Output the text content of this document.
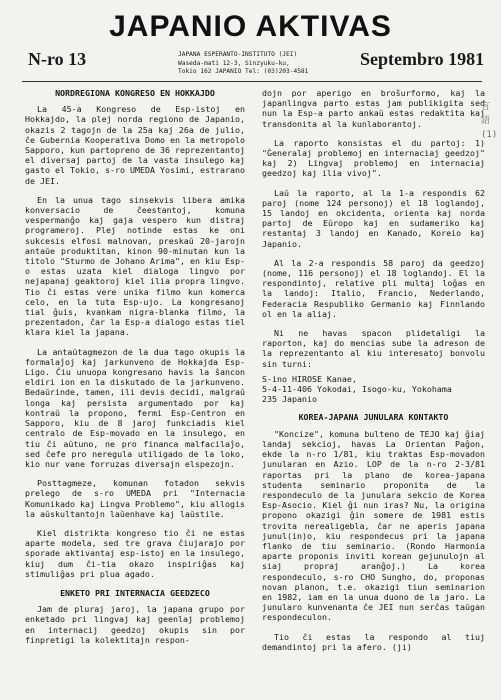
JAPANIO AKTIVAS
N-ro 13	JAPANA ESPERANTO-INSTITUTO (JEI)
Waseda-mati 12-3, Sinzyuku-ku,
Tokio 162 JAPANIO Tel: (03)203-4581
Septembro 1981
NORDREGIONA KONGRESO EN HOKKAJDO

La 45-a Kongreso de Esp-istoj en Hokkajdo, la plej norda regiono de Japanio, okazis 2 tagojn de la 25a kaj 26a de julio, ĉe Gubernia Kooperativa Domo en la metropolo Sapporo, kun partopreno de 36 reprezentantoj el diversaj partoj de la vasta insulego kaj gasto el Tokio, s-ro UMEDA Yosimi, estrarano de JEI.

En la unua tago sinsekvis libera amika konversacio de ĉeestantoj, komuna vespermanĝo kaj gaja vespero kun distraj programeroj. Plej notinde estas ke oni sukcesis elfosi malnovan, preskaŭ 20-jarojn antaŭe produktitan, kinon 90-minutan kun la titolo "Sturmo de Johano Arima", en kiu Esp-o estas uzata kiel dialoga lingvo por nejapanaj geaktoroj kiel ilia propra lingvo. Tio ĉi estas vere unika filmo kun komerca celo, en la tuta Esp-ujo. La kongresanoj tial ĝuis, kvankam nigra-blanka filmo, la prezentadon, ĉar la Esp-a dialogo estas tiel klara kiel la japana.

La antaŭtagmezon de la dua tago okupis la formalaĵoj kaj jarkunveno de Hokkajda Esp-Ligo. Ĉiu unuopa kongresano havis la ŝancon eldiri ion en la diskutado de la jarkunveno. Bedaŭrinde, tamen, ili devis decidi, malgraŭ longa kaj persista argumentado por kaj kontraŭ la propono, fermi Esp-Centron en Sapporo, kiu de 8 jaroj funkciadis kiel centralo de Esp-movado en la insulego, en tiu ĉi aŭtuno, ne pro financa malfacilaĵo, sed ĉefe pro neregula utiligado de la loko, kio nur vane forruzas diversajn elspezojn.

Posttagmeze, komunan fotadon sekvis prelego de s-ro UMEDA pri "Internacia Komunikado kaj Lingva Problemo", kiu allogis la aŭskultantojn laŭenhave kaj laŭstile.

Kiel distrikta kongreso tio ĉi ne estas aparte modela, sed tre grava ĉiujarajo por sporade aktivantaj esp-istoj en la insulego, kiuj dum ĉi-tia okazo inspiriĝas kaj stimuliĝas pri plua agado.

ENKETO PRI INTERNACIA GEEDZECO

Jam de pluraj jaroj, la japana grupo por enketado pri lingvaj kaj geenlaj problemoj en internacij geedzoj okupis sin por finpretigi la kolektitajn respon-

dojn por aperigo en broŝurformo, kaj la japanlingva parto estas jam publikigita sed nun la Esp-a parto ankaŭ estas redaktita kaj transdonita al la kunlaborantoj.

La raporto konsistas el du partoj: 1) "Ĝeneralaj problemoj en internaciaj geedzoj" kaj 2) Lingvaj problemoj en internaciaj geedzoj kaj ilia vivoj".

Laŭ la raporto, al la 1-a respondis 62 paroj (nome 124 personoj) el 18 loglandoj, 15 landoj en okcidenta, orienta kaj norda partoj de Eŭropo kaj en sudameriko kaj restantaj 3 landoj en Kanado, Koreio kaj Japanio.

Al la 2-a respondis 58 paroj da geedzoj (nome, 116 personoj) el 18 loglandoj. El la respondintoj, relative pli multaj loĝas en la landoj: Italio, Francio, Nederlando, Federacia Respubliko Germanio kaj Finnlando ol en la aliaj.

Ni ne havas spacon plidetaligi la raporton, kaj do mencias sube la adreson de la reprezentanto al kiu interesatoj bonvolu sin turni:

S-ino HIROSE Kanae,
5-4-11-406 Yokodai, Isogo-ku, Yokohama
235 Japanio
KOREA-JAPANA JUNULARA KONTAKTO

"Koncize", komuna bulteno de TEJO kaj ĝiaj landaj sekcioj, havas La Orientan Paĝon, ekde la n-ro 1/81, kiu traktas Esp-movadon junularan en Azio. LOP de la n-ro 2-3/81 raportas pri la plano de korea-japana studenta seminario proponita de la respondeculo de la junulara sekcio de Korea Esp-Asocio. Kiel ĝi nun iras? Nu, la origina propono okazigi ĝin somere de 1981 estis trovita nerealigebla, ĉar ne aperis japana junul(in)o, kiu respondecus pri la japana flanko de tiu seminario. (Rondo Harmonia aparte proponis inviti korean gejunulojn al siaj propraj aranĝoj.) La korea respondeculo, s-ro CHO Sungho, do, proponas novan planon, t.e. okazigi tiun seminarion en 1982, iam en la unua duono de la jaro. La junularo kunvenanta ĉe JEI nun serĉas taŭgan respondeculon.

Tio ĉi estas la respondo al tiuj demandintoj pri la afero. (ji)

言語(1)
